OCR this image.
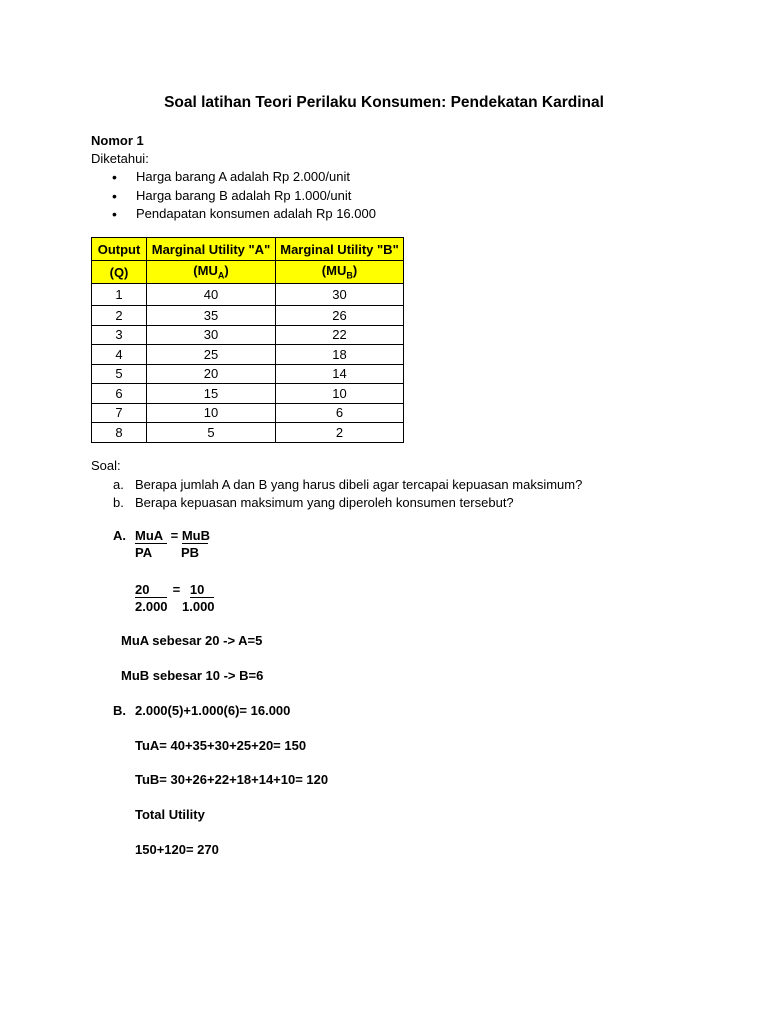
Soal latihan Teori Perilaku Konsumen: Pendekatan Kardinal
Nomor 1
Diketahui:
• Harga barang A adalah Rp 2.000/unit
• Harga barang B adalah Rp 1.000/unit
• Pendapatan konsumen adalah Rp 16.000
Output	Marginal Utility "A"	Marginal Utility "B"
(Q)	$(MU_A)$	$(MU_B)$
1	40	30
2	35	26
3	30	22
4	25	18
5	20	14
6	15	10
7	10	6
8	5	2
Soal:
a. Berapa jumlah A dan B yang harus dibeli agar tercapai kepuasan maksimum?
b. Berapa kepuasan maksimum yang diperoleh konsumen tersebut?
A. MuA = MuB
PA PB
20 = 10
2.000 1.000
MuA sebesar 20 -> A=5
MuB sebesar 10 -> B=6
B. 2.000(5)+1.000(6)= 16.000
TuA= 40+35+30+25+20= 150
TuB= 30+26+22+18+14+10= 120
Total Utility
150+120= 270
